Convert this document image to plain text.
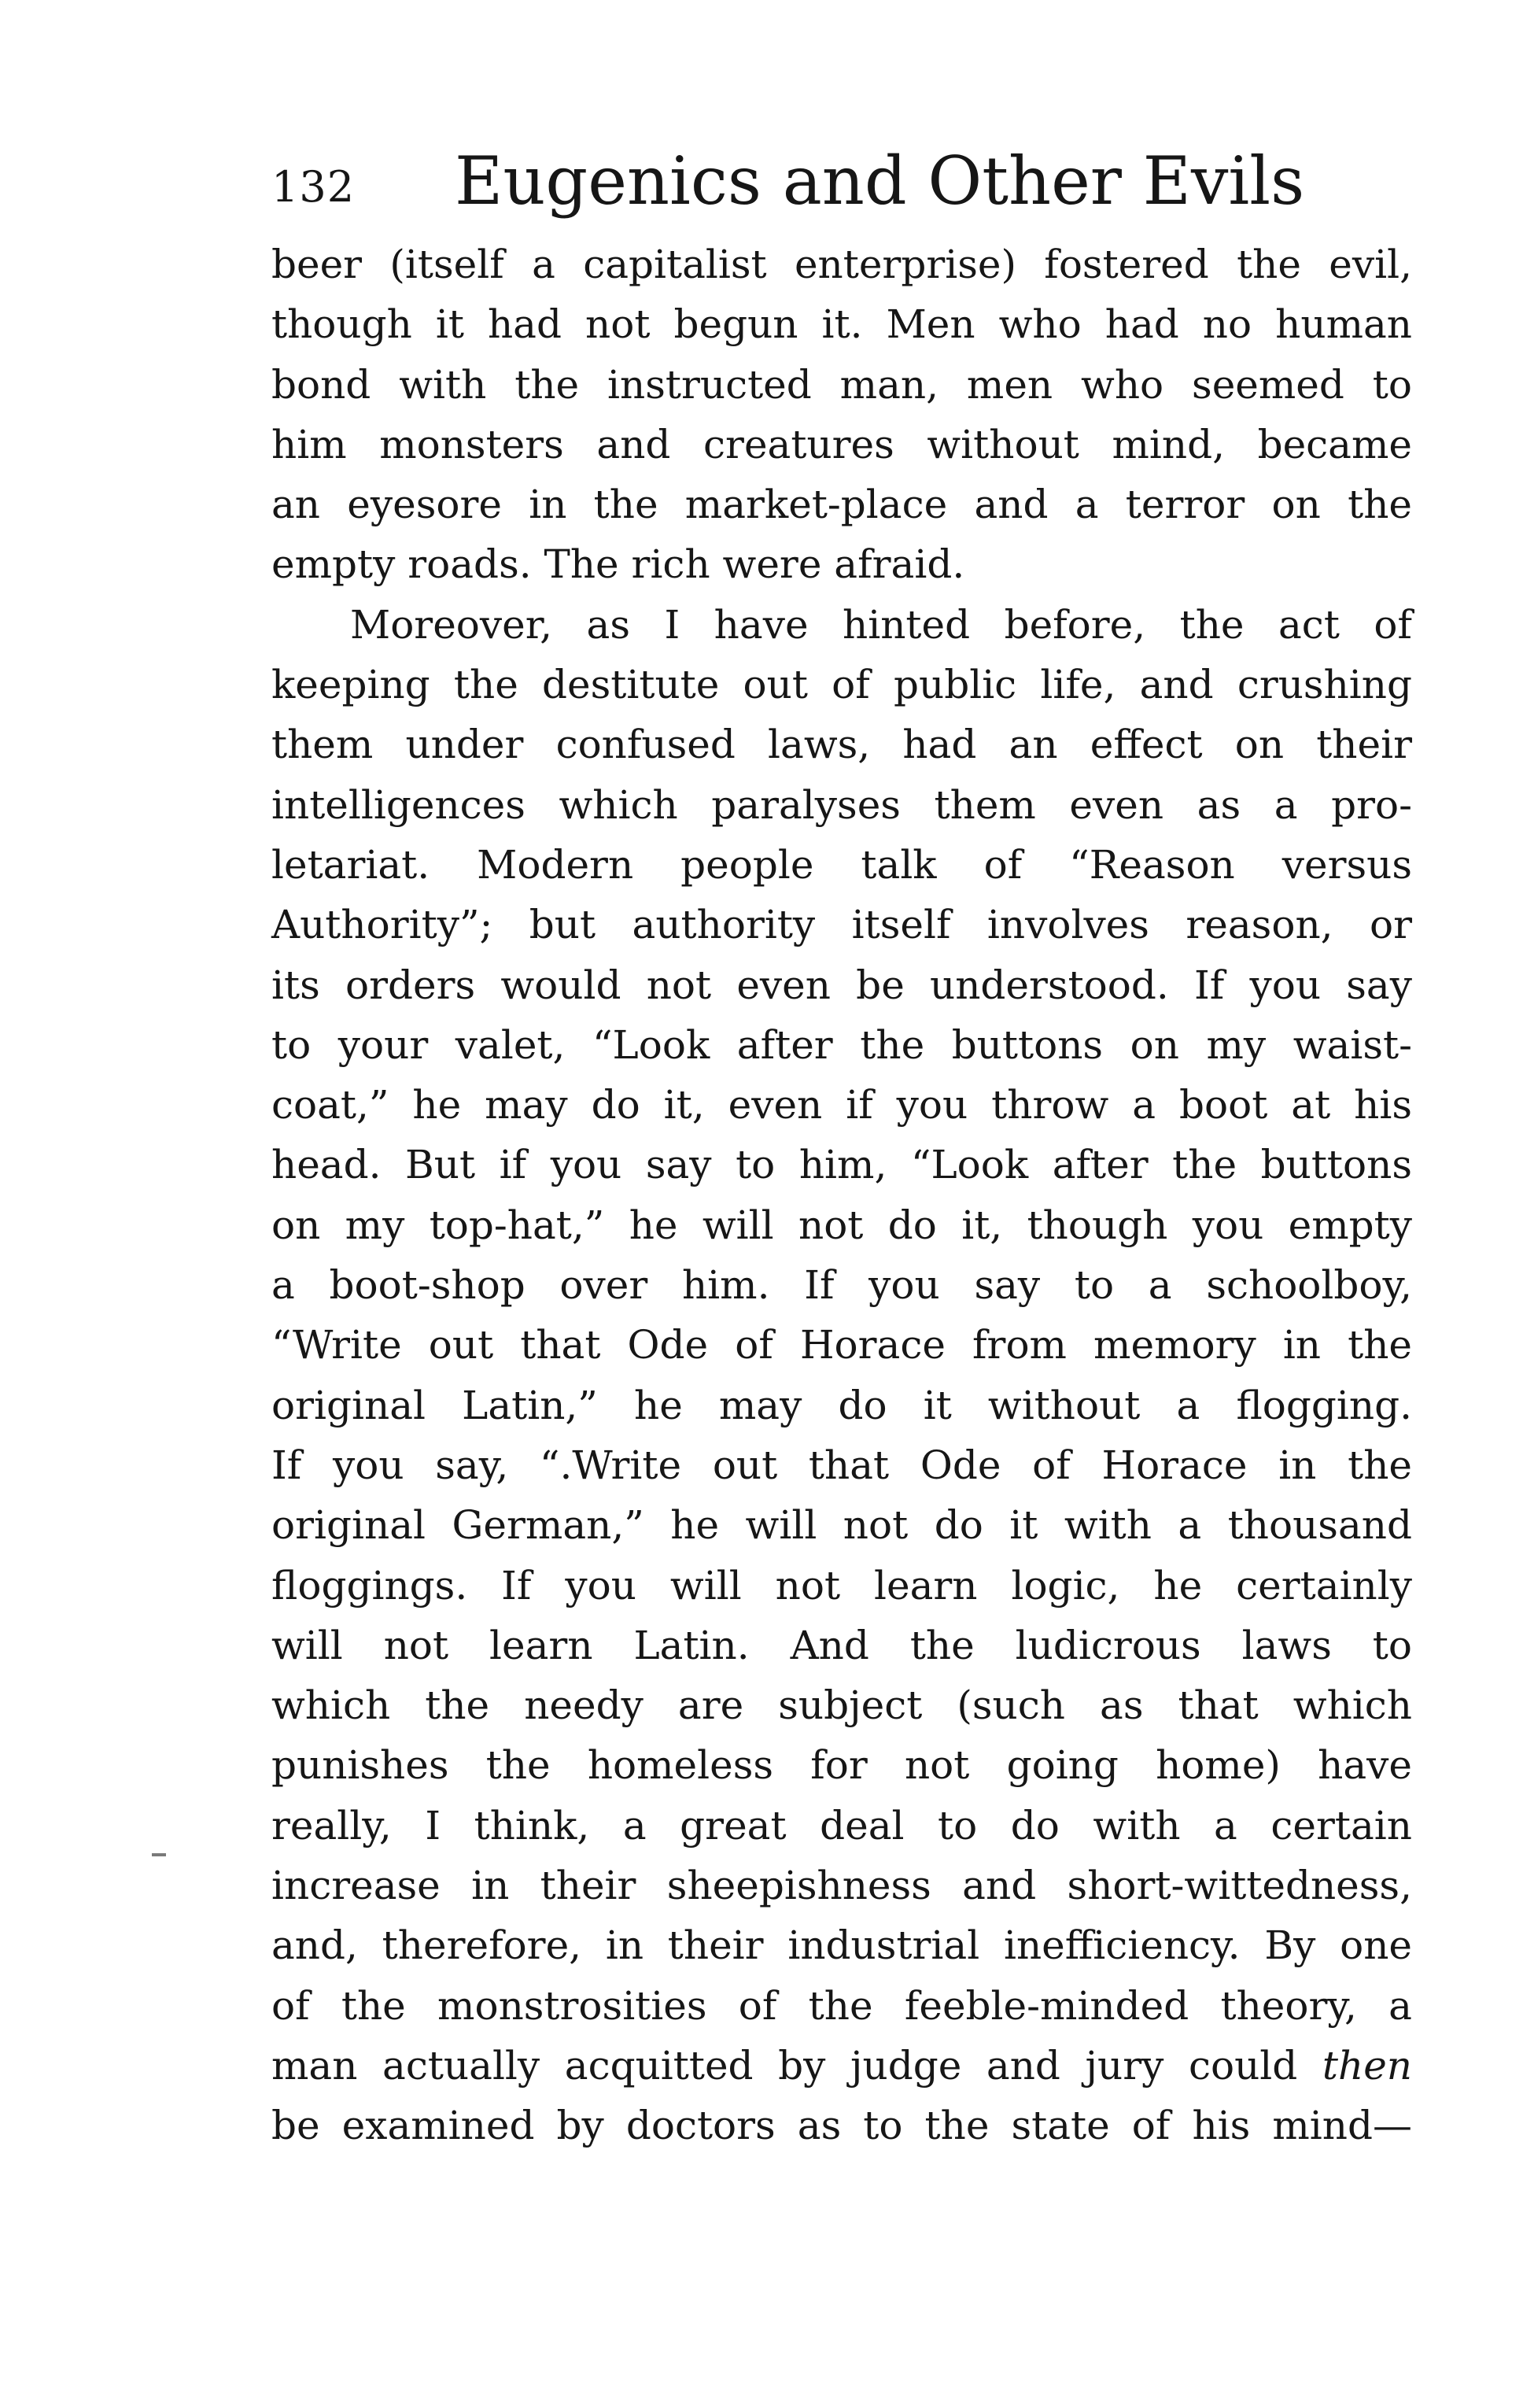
132 Eugenics and Other Evils
beer (itself a capitalist enterprise) fostered the evil,
though it had not begun it. Men who had no human
bond with the instructed man, men who seemed to
him monsters and creatures without mind, became
an eyesore in the market-place and a terror on the
empty roads. The rich were afraid.
Moreover, as I have hinted before, the act of
keeping the destitute out of public life, and crushing
them under confused laws, had an effect on their
intelligences which paralyses them even as a pro-
letariat. Modern people talk of “Reason versus
Authority”; but authority itself involves reason, or
its orders would not even be understood. If you say
to your valet, “Look after the buttons on my waist-
coat,” he may do it, even if you throw a boot at his
head. But if you say to him, “Look after the buttons
on my top-hat,” he will not do it, though you empty
a boot-shop over him. If you say to a schoolboy,
“Write out that Ode of Horace from memory in the
original Latin,” he may do it without a flogging.
If you say, “.Write out that Ode of Horace in the
original German,” he will not do it with a thousand
floggings. If you will not learn logic, he certainly
will not learn Latin. And the ludicrous laws to
which the needy are subject (such as that which
punishes the homeless for not going home) have
really, I think, a great deal to do with a certain
increase in their sheepishness and short-wittedness,
and, therefore, in their industrial inefficiency. By one
of the monstrosities of the feeble-minded theory, a
man actually acquitted by judge and jury could then
be examined by doctors as to the state of his mind—
